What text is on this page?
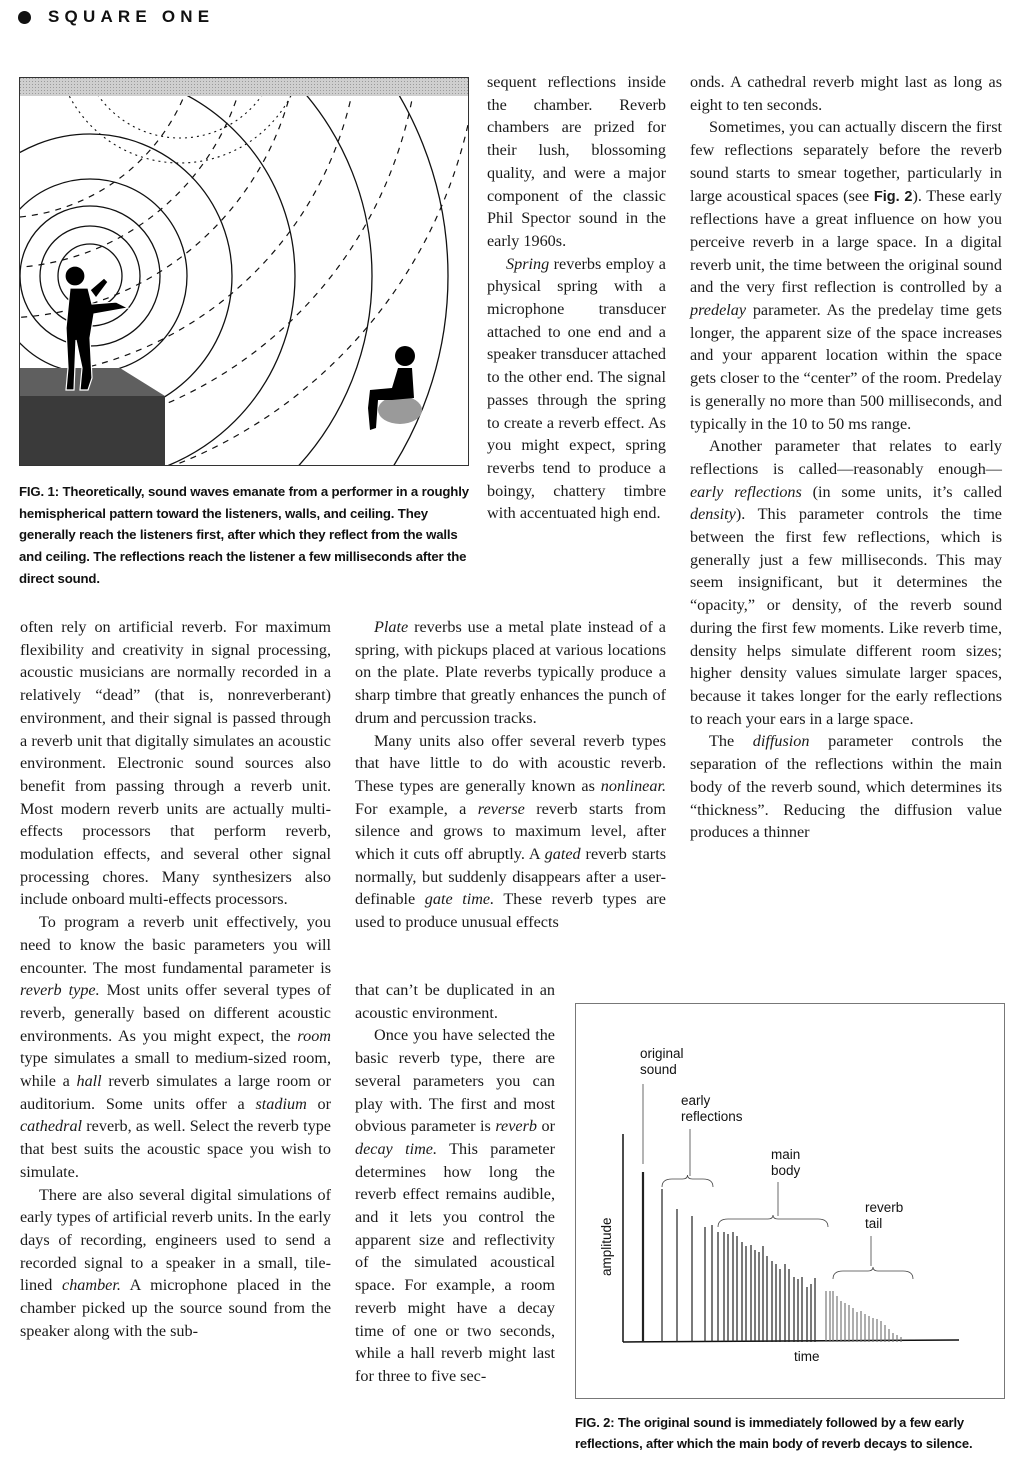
SQUARE ONE
FIG. 1: Theoretically, sound waves emanate from a performer in a roughly hemispherical pattern toward the listeners, walls, and ceiling. They generally reach the listeners first, after which they reflect from the walls and ceiling. The reflections reach the listener a few milliseconds after the direct sound.

often rely on artificial reverb. For maximum flexibility and creativity in signal processing, acoustic musicians are normally recorded in a relatively “dead” (that is, nonreverberant) environment, and their signal is passed through a reverb unit that digitally simulates an acoustic environment. Electronic sound sources also benefit from passing through a reverb unit. Most modern reverb units are actually multi-effects processors that perform reverb, modulation effects, and several other signal processing chores. Many synthesizers also include onboard multi-effects processors.

To program a reverb unit effectively, you need to know the basic parameters you will encounter. The most fundamental parameter is reverb type. Most units offer several types of reverb, generally based on different acoustic environments. As you might expect, the room type simulates a small to medium-sized room, while a hall reverb simulates a large room or auditorium. Some units offer a stadium or cathedral reverb, as well. Select the reverb type that best suits the acoustic space you wish to simulate.

There are also several digital simulations of early types of artificial reverb units. In the early days of recording, engineers used to send a recorded signal to a speaker in a small, tile-lined chamber. A microphone placed in the chamber picked up the source sound from the speaker along with the sub-

sequent reflections inside the chamber. Reverb chambers are prized for their lush, blossoming quality, and were a major component of the classic Phil Spector sound in the early 1960s.

Spring reverbs employ a physical spring with a microphone transducer attached to one end and a speaker transducer attached to the other end. The signal passes through the spring to create a reverb effect. As you might expect, spring reverbs tend to produce a boingy, chattery timbre with accentuated high end.

Plate reverbs use a metal plate instead of a spring, with pickups placed at various locations on the plate. Plate reverbs typically produce a sharp timbre that greatly enhances the punch of drum and percussion tracks.

Many units also offer several reverb types that have little to do with acoustic reverb. These types are generally known as nonlinear. For example, a reverse reverb starts from silence and grows to maximum level, after which it cuts off abruptly. A gated reverb starts normally, but suddenly disappears after a user-definable gate time. These reverb types are used to produce unusual effects

that can’t be duplicated in an acoustic environment.

Once you have selected the basic reverb type, there are several parameters you can play with. The first and most obvious parameter is reverb or decay time. This parameter determines how long the reverb effect remains audible, and it lets you control the apparent size and reflectivity of the simulated acoustical space. For example, a room reverb might have a decay time of one or two seconds, while a hall reverb might last for three to five sec-

onds. A cathedral reverb might last as long as eight to ten seconds.

Sometimes, you can actually discern the first few reflections separately before the reverb sound starts to smear together, particularly in large acoustical spaces (see Fig. 2). These early reflections have a great influence on how you perceive reverb in a large space. In a digital reverb unit, the time between the original sound and the very first reflection is controlled by a predelay parameter. As the predelay time gets longer, the apparent size of the space increases and your apparent location within the space gets closer to the “center” of the room. Predelay is generally no more than 500 milliseconds, and typically in the 10 to 50 ms range.

Another parameter that relates to early reflections is called—reasonably enough—early reflections (in some units, it’s called density). This parameter controls the time between the first few reflections, which is generally just a few milliseconds. This may seem insignificant, but it determines the “opacity,” or density, of the reverb sound during the first few moments. Like reverb time, density helps simulate different room sizes; higher density values simulate larger spaces, because it takes longer for the early reflections to reach your ears in a large space.

The diffusion parameter controls the separation of the reflections within the main body of the reverb sound, which determines its “thickness”. Reducing the diffusion value produces a thinner

original
sound
early
reflections
main
body
reverb
tail
amplitude
time
FIG. 2: The original sound is immediately followed by a few early reflections, after which the main body of reverb decays to silence.
